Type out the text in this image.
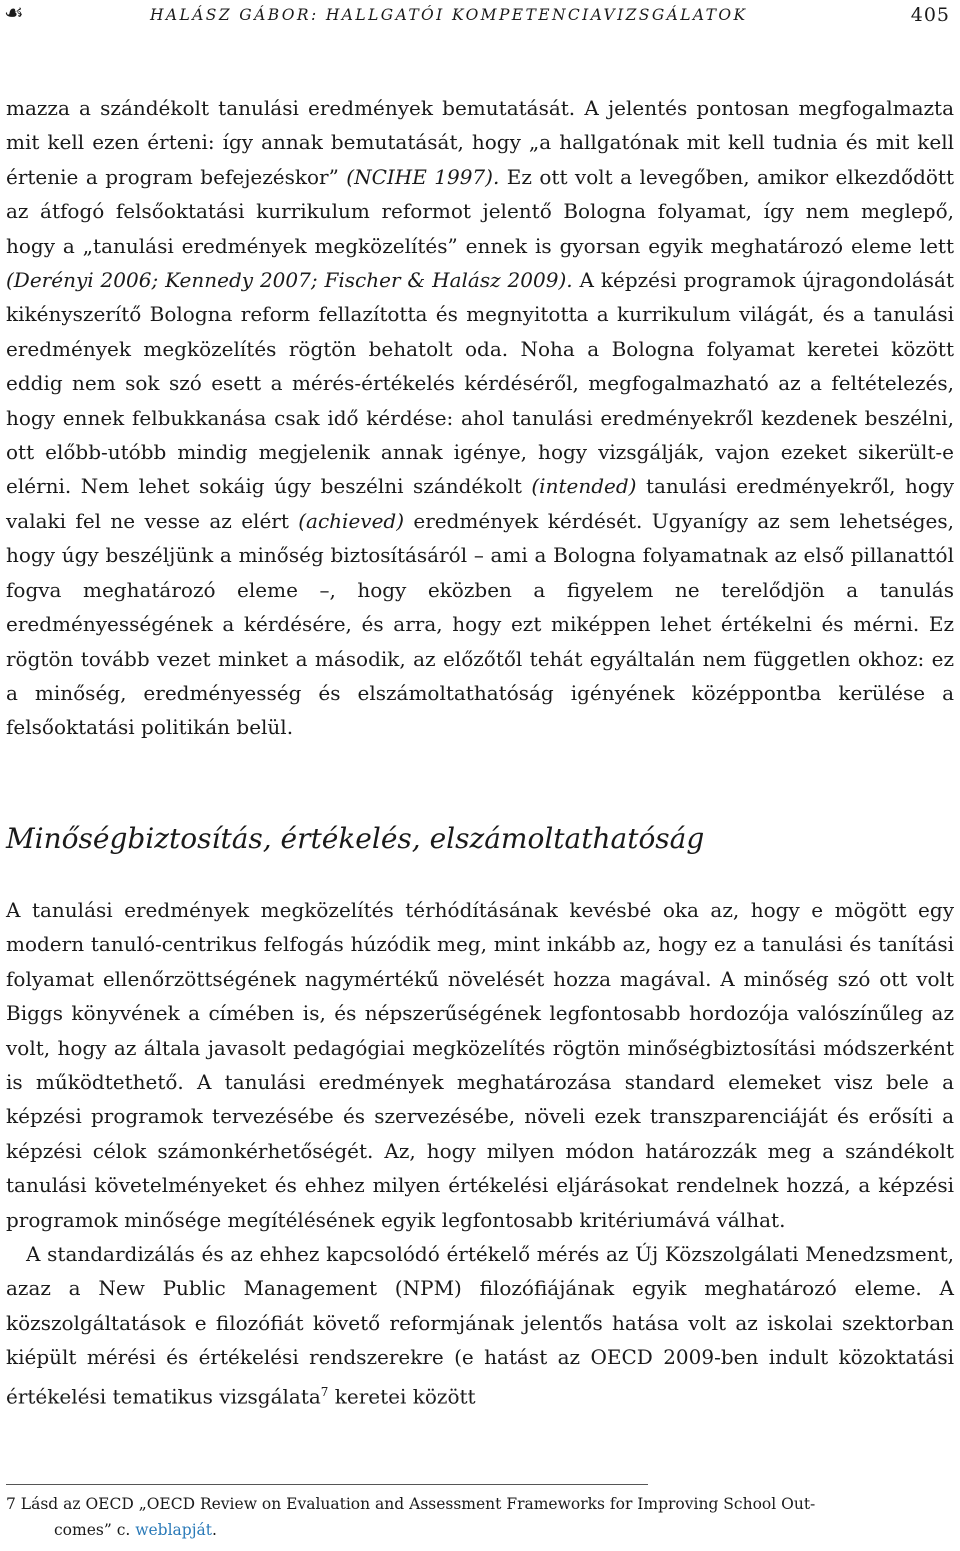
☙	HALÁSZ GÁBOR: HALLGATÓI KOMPETENCIAVIZSGÁLATOK	405

mazza a szándékolt tanulási eredmények bemutatását. A jelentés pontosan megfogalmazta mit kell ezen érteni: így annak bemutatását, hogy „a hallgatónak mit kell tudnia és mit kell értenie a program befejezéskor” (NCIHE 1997). Ez ott volt a levegőben, amikor elkezdődött az átfogó felsőoktatási kurrikulum reformot jelentő Bologna folyamat, így nem meglepő, hogy a „tanulási eredmények megközelítés” ennek is gyorsan egyik meghatározó eleme lett (Derényi 2006; Kennedy 2007; Fischer & Halász 2009). A képzési programok újragondolását kikényszerítő Bologna reform fellazította és megnyitotta a kurrikulum világát, és a tanulási eredmények megközelítés rögtön behatolt oda. Noha a Bologna folyamat keretei között eddig nem sok szó esett a mérés-értékelés kérdéséről, megfogalmazható az a feltételezés, hogy ennek felbukkanása csak idő kérdése: ahol tanulási eredményekről kezdenek beszélni, ott előbb-utóbb mindig megjelenik annak igénye, hogy vizsgálják, vajon ezeket sikerült-e elérni. Nem lehet sokáig úgy beszélni szándékolt (intended) tanulási eredményekről, hogy valaki fel ne vesse az elért (achieved) eredmények kérdését. Ugyanígy az sem lehetséges, hogy úgy beszéljünk a minőség biztosításáról – ami a Bologna folyamatnak az első pillanattól fogva meghatározó eleme –, hogy eközben a figyelem ne terelődjön a tanulás eredményességének a kérdésére, és arra, hogy ezt miképpen lehet értékelni és mérni. Ez rögtön tovább vezet minket a második, az előzőtől tehát egyáltalán nem független okhoz: ez a minőség, eredményesség és elszámoltathatóság igényének középpontba kerülése a felsőoktatási politikán belül.

Minőségbiztosítás, értékelés, elszámoltathatóság

A tanulási eredmények megközelítés térhódításának kevésbé oka az, hogy e mögött egy modern tanuló-centrikus felfogás húzódik meg, mint inkább az, hogy ez a tanulási és tanítási folyamat ellenőrzöttségének nagymértékű növelését hozza magával. A minőség szó ott volt Biggs könyvének a címében is, és népszerűségének legfontosabb hordozója valószínűleg az volt, hogy az általa javasolt pedagógiai megközelítés rögtön minőségbiztosítási módszerként is működtethető. A tanulási eredmények meghatározása standard elemeket visz bele a képzési programok tervezésébe és szervezésébe, növeli ezek transzparenciáját és erősíti a képzési célok számonkérhetőségét. Az, hogy milyen módon határozzák meg a szándékolt tanulási követelményeket és ehhez milyen értékelési eljárásokat rendelnek hozzá, a képzési programok minősége megítélésének egyik legfontosabb kritériumává válhat.

A standardizálás és az ehhez kapcsolódó értékelő mérés az Új Közszolgálati Menedzsment, azaz a New Public Management (NPM) filozófiájának egyik meghatározó eleme. A közszolgáltatások e filozófiát követő reformjának jelentős hatása volt az iskolai szektorban kiépült mérési és értékelési rendszerekre (e hatást az OECD 2009-ben indult közoktatási értékelési tematikus vizsgálata$^7$ keretei között

7 Lásd az OECD „OECD Review on Evaluation and Assessment Frameworks for Improving School Out-
comes” c. weblapját.
